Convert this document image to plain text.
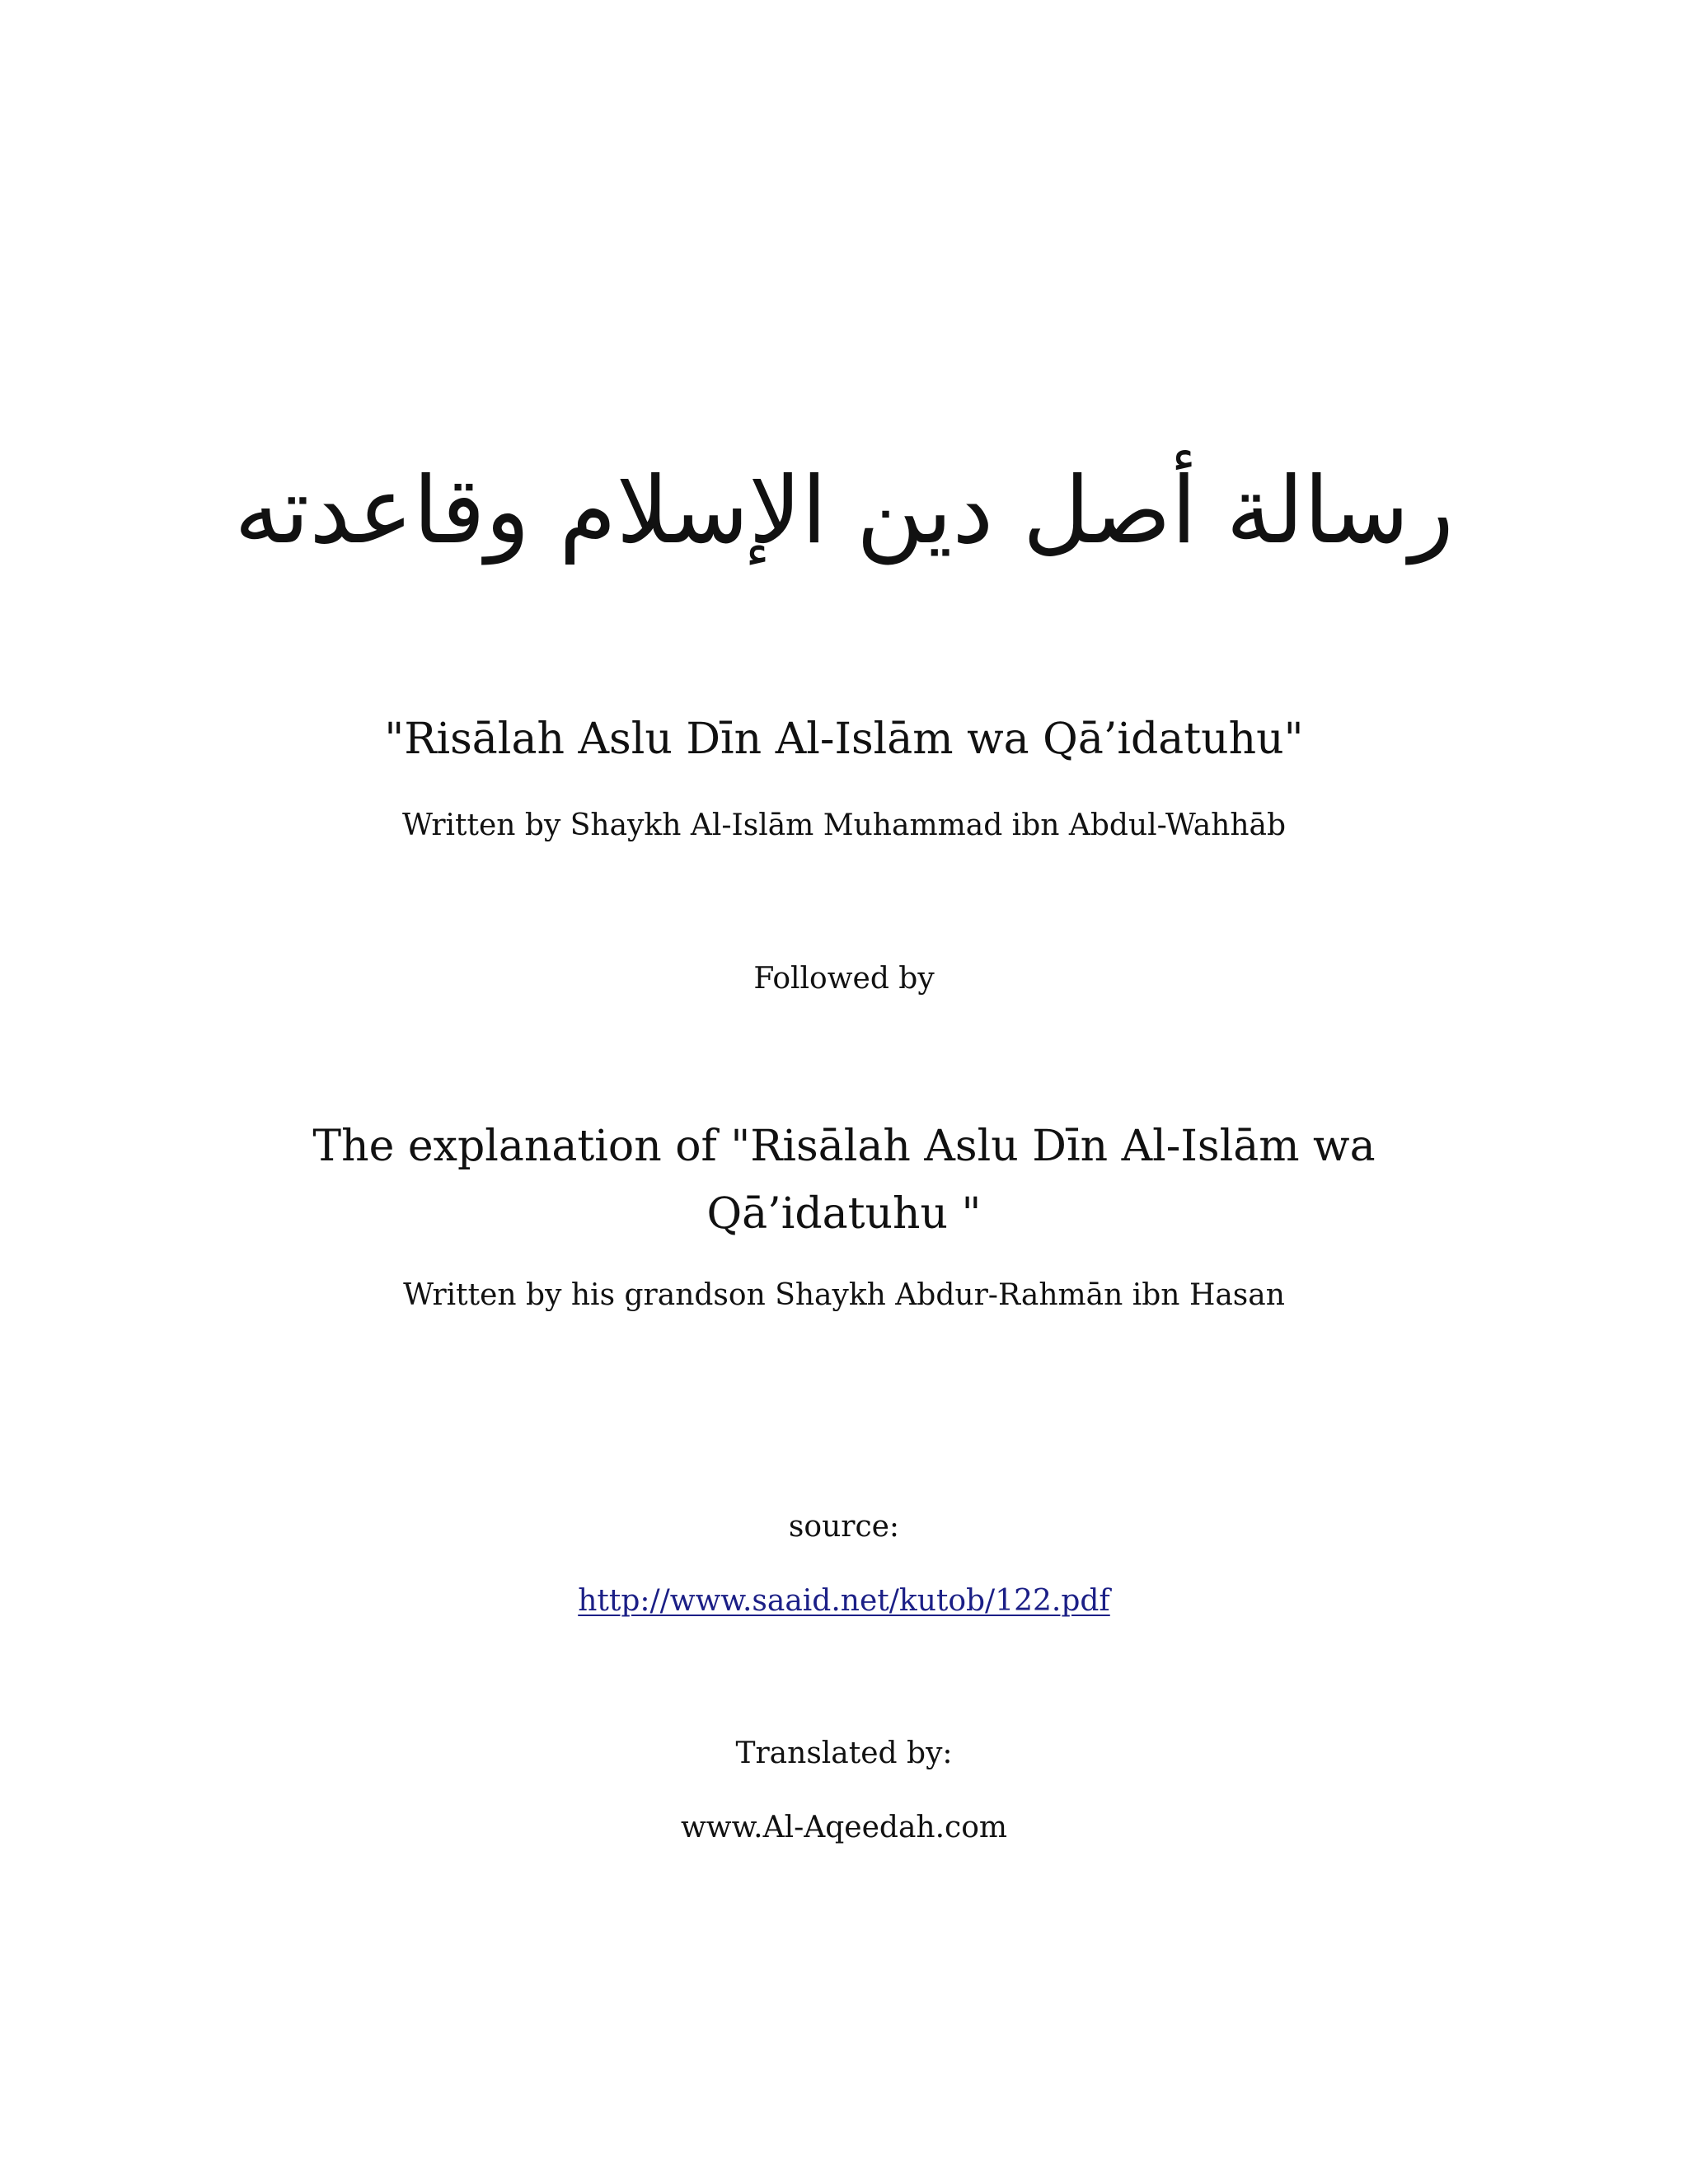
رسالة أصل دين الإسلام وقاعدته
"Risālah Aslu Dīn Al-Islām wa Qā’idatuhu"
Written by Shaykh Al-Islām Muhammad ibn Abdul-Wahhāb
Followed by
The explanation of "Risālah Aslu Dīn Al-Islām wa
Qā’idatuhu "
Written by his grandson Shaykh Abdur-Rahmān ibn Hasan
source:
http://www.saaid.net/kutob/122.pdf
Translated by:
www.Al-Aqeedah.com
